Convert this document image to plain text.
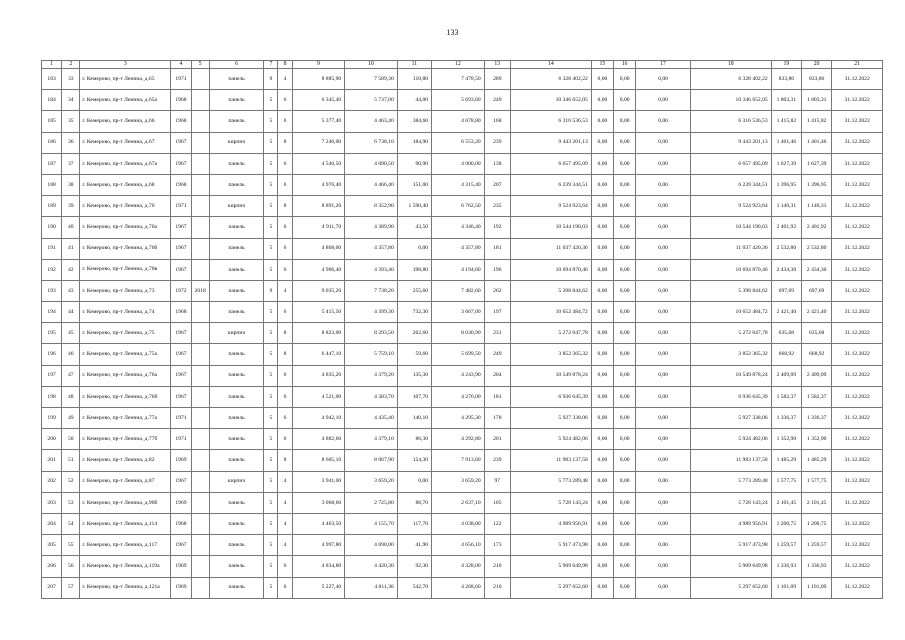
133
1	2	3	4	5	6	7	8	9	10	11	12	13	14	15	16	17	18	19	20	21
183	33	г. Кемерово, пр-т Ленина, д.65	1971		панель	9	4	8 885,90	7 589,30	110,80	7 478,50	289	6 328 402,22	0,00	0,00	0,00	6 328 402,22	833,86	833,86	31.12.2022
184	34	г. Кемерово, пр-т Ленина, д.65а	1968		панель	5	6	6 345,40	5 737,00	44,00	5 693,60	249	10 346 652,05	0,00	0,00	0,00	10 346 652,05	1 803,31	1 803,31	31.12.2022
185	35	г. Кемерово, пр-т Ленина, д.66	1968		панель	5	6	5 377,40	4 463,40	384,60	4 078,80	168	6 316 536,53	0,00	0,00	0,00	6 316 536,53	1 415,82	1 415,82	31.12.2022
186	36	г. Кемерово, пр-т Ленина, д.67	1967		кирпич	5	8	7 246,00	6 738,10	184,90	6 553,20	239	9 443 201,13	0,00	0,00	0,00	9 443 201,13	1 401,46	1 401,46	31.12.2022
187	37	г. Кемерово, пр-т Ленина, д.67а	1967		панель	5	6	4 546,50	4 090,50	90,90	4 000,00	138	6 657 495,09	0,00	0,00	0,00	6 657 495,09	1 627,39	1 627,39	31.12.2022
188	38	г. Кемерово, пр-т Ленина, д.68	1968		панель	5	6	4 976,40	4 466,40	151,00	4 315,40	207	6 239 344,51	0,00	0,00	0,00	6 239 344,51	1 396,95	1 396,95	31.12.2022
189	39	г. Кемерово, пр-т Ленина, д.70	1971		кирпич	5	8	8 891,20	8 352,90	1 590,40	6 762,50	235	9 524 923,64	0,00	0,00	0,00	9 524 923,64	1 140,31	1 140,31	31.12.2022
190	40	г. Кемерово, пр-т Ленина, д.70а	1967		панель	5	6	4 911,70	4 389,90	43,50	4 346,40	192	10 544 190,03	0,00	0,00	0,00	10 544 190,03	2 401,92	2 401,92	31.12.2022
191	41	г. Кемерово, пр-т Ленина, д.70б	1967		панель	5	6	4 868,00	4 357,80	0,00	4 357,80	181	11 037 420,36	0,00	0,00	0,00	11 037 420,36	2 532,80	2 532,80	31.12.2022
192	42	г. Кемерово, пр-т Ленина, д.70в	1967		панель	5	6	4 906,40	4 393,40	198,80	4 194,60	196	10 694 870,46	0,00	0,00	0,00	10 694 870,46	2 434,30	2 434,30	31.12.2022
193	43	г. Кемерово, пр-т Ленина, д.73	1972	2018	панель	9	4	9 035,20	7 738,20	255,60	7 482,60	262	5 398 844,62	0,00	0,00	0,00	5 398 844,62	697,69	697,69	31.12.2022
194	44	г. Кемерово, пр-т Ленина, д.74	1968		панель	5	6	5 415,50	4 399,30	732,30	3 667,00	197	10 652 484,72	0,00	0,00	0,00	10 652 484,72	2 421,40	2 421,40	31.12.2022
195	45	г. Кемерово, пр-т Ленина, д.75	1967		кирпич	5	8	8 823,00	8 293,50	262,60	8 030,90	231	5 272 047,78	0,00	0,00	0,00	5 272 047,78	635,68	635,68	31.12.2022
196	46	г. Кемерово, пр-т Ленина, д.75а	1967		панель	5	8	6 447,10	5 759,10	59,60	5 699,50	249	3 852 365,32	0,00	0,00	0,00	3 852 365,32	668,92	668,92	31.12.2022
197	47	г. Кемерово, пр-т Ленина, д.76а	1967		панель	5	6	4 835,20	4 379,20	135,30	4 243,90	204	10 549 878,24	0,00	0,00	0,00	10 549 878,24	2 409,09	2 409,09	31.12.2022
198	48	г. Кемерово, пр-т Ленина, д.76б	1967		панель	5	6	4 521,00	4 383,70	107,70	4 276,00	181	6 936 645,39	0,00	0,00	0,00	6 936 645,39	1 582,37	1 582,37	31.12.2022
199	49	г. Кемерово, пр-т Ленина, д.77а	1971		панель	5	6	4 942,10	4 435,40	140,10	4 295,30	178	5 927 338,06	0,00	0,00	0,00	5 927 338,06	1 336,37	1 336,37	31.12.2022
200	50	г. Кемерово, пр-т Ленина, д.77б	1971		панель	5	6	4 882,60	4 379,10	86,30	4 292,80	201	5 924 482,06	0,00	0,00	0,00	5 924 482,06	1 352,90	1 352,90	31.12.2022
201	51	г. Кемерово, пр-т Ленина, д.82	1969		панель	5	8	8 605,10	8 067,90	154,30	7 913,60	239	11 983 137,58	0,00	0,00	0,00	11 983 137,58	1 485,29	1 485,29	31.12.2022
202	52	г. Кемерово, пр-т Ленина, д.87	1967		кирпич	5	4	3 941,00	3 659,20	0,00	3 659,20	97	5 773 289,48	0,00	0,00	0,00	5 773 289,48	1 577,75	1 577,75	31.12.2022
203	53	г. Кемерово, пр-т Ленина, д.90б	1969		панель	5	4	3 068,60	2 725,80	88,70	2 637,10	105	5 728 143,24	0,00	0,00	0,00	5 728 143,24	2 101,45	2 101,45	31.12.2022
204	54	г. Кемерово, пр-т Ленина, д.114	1968		панель	5	4	4 463,50	4 155,70	117,70	4 038,00	122	4 989 956,91	0,00	0,00	0,00	4 989 956,91	1 200,75	1 200,75	31.12.2022
205	55	г. Кемерово, пр-т Ленина, д.117	1967		панель	5	4	4 997,80	4 698,00	41,90	4 656,10	173	5 917 473,98	0,00	0,00	0,00	5 917 473,98	1 259,57	1 259,57	31.12.2022
206	56	г. Кемерово, пр-т Ленина, д.119а	1969		панель	5	6	4 834,80	4 420,30	92,30	4 328,00	210	5 909 649,98	0,00	0,00	0,00	5 909 649,98	1 336,93	1 336,93	31.12.2022
207	57	г. Кемерово, пр-т Ленина, д.121а	1969		панель	5	6	5 227,40	4 811,30	542,70	4 268,60	210	5 297 652,60	0,00	0,00	0,00	5 297 652,60	1 101,09	1 101,09	31.12.2022
